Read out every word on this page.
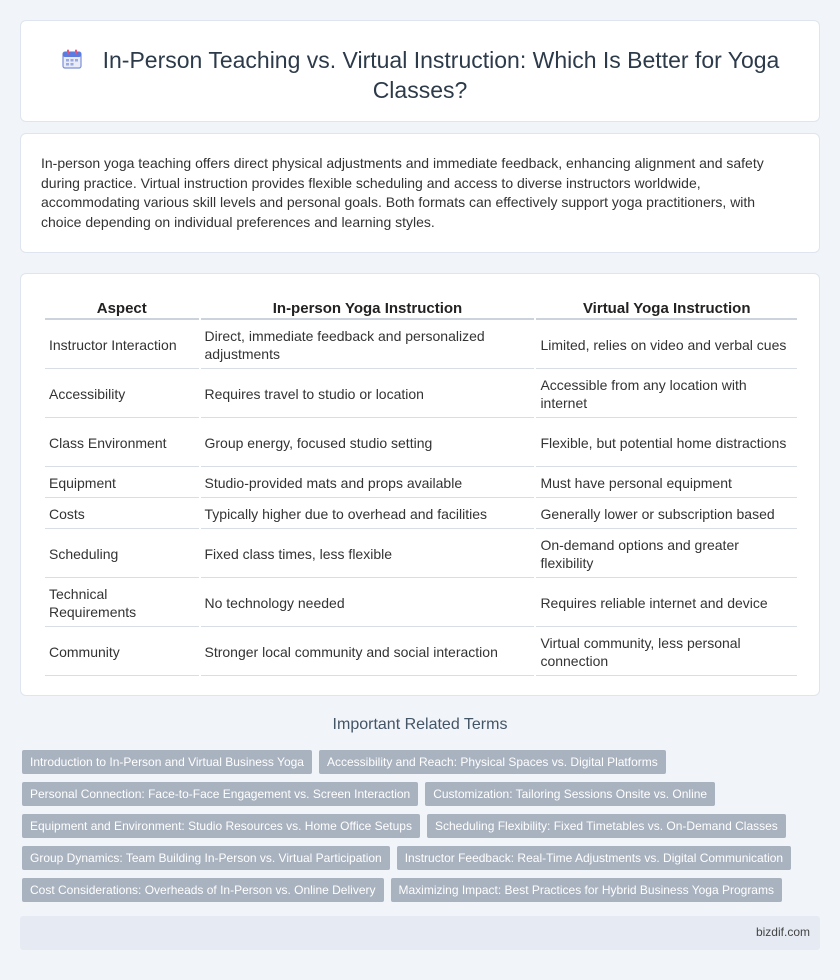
In-Person Teaching vs. Virtual Instruction: Which Is Better for Yoga Classes?

In-person yoga teaching offers direct physical adjustments and immediate feedback, enhancing alignment and safety during practice. Virtual instruction provides flexible scheduling and access to diverse instructors worldwide, accommodating various skill levels and personal goals. Both formats can effectively support yoga practitioners, with choice depending on individual preferences and learning styles.

Aspect	In-person Yoga Instruction	Virtual Yoga Instruction
Instructor Interaction	Direct, immediate feedback and personalized adjustments	Limited, relies on video and verbal cues
Accessibility	Requires travel to studio or location	Accessible from any location with internet
Class Environment	Group energy, focused studio setting	Flexible, but potential home distractions
Equipment	Studio-provided mats and props available	Must have personal equipment
Costs	Typically higher due to overhead and facilities	Generally lower or subscription based
Scheduling	Fixed class times, less flexible	On-demand options and greater flexibility
Technical Requirements	No technology needed	Requires reliable internet and device
Community	Stronger local community and social interaction	Virtual community, less personal connection
Important Related Terms
Introduction to In-Person and Virtual Business Yoga	Accessibility and Reach: Physical Spaces vs. Digital Platforms
Personal Connection: Face-to-Face Engagement vs. Screen Interaction	Customization: Tailoring Sessions Onsite vs. Online
Equipment and Environment: Studio Resources vs. Home Office Setups	Scheduling Flexibility: Fixed Timetables vs. On-Demand Classes
Group Dynamics: Team Building In-Person vs. Virtual Participation	Instructor Feedback: Real-Time Adjustments vs. Digital Communication
Cost Considerations: Overheads of In-Person vs. Online Delivery	Maximizing Impact: Best Practices for Hybrid Business Yoga Programs
bizdif.com
